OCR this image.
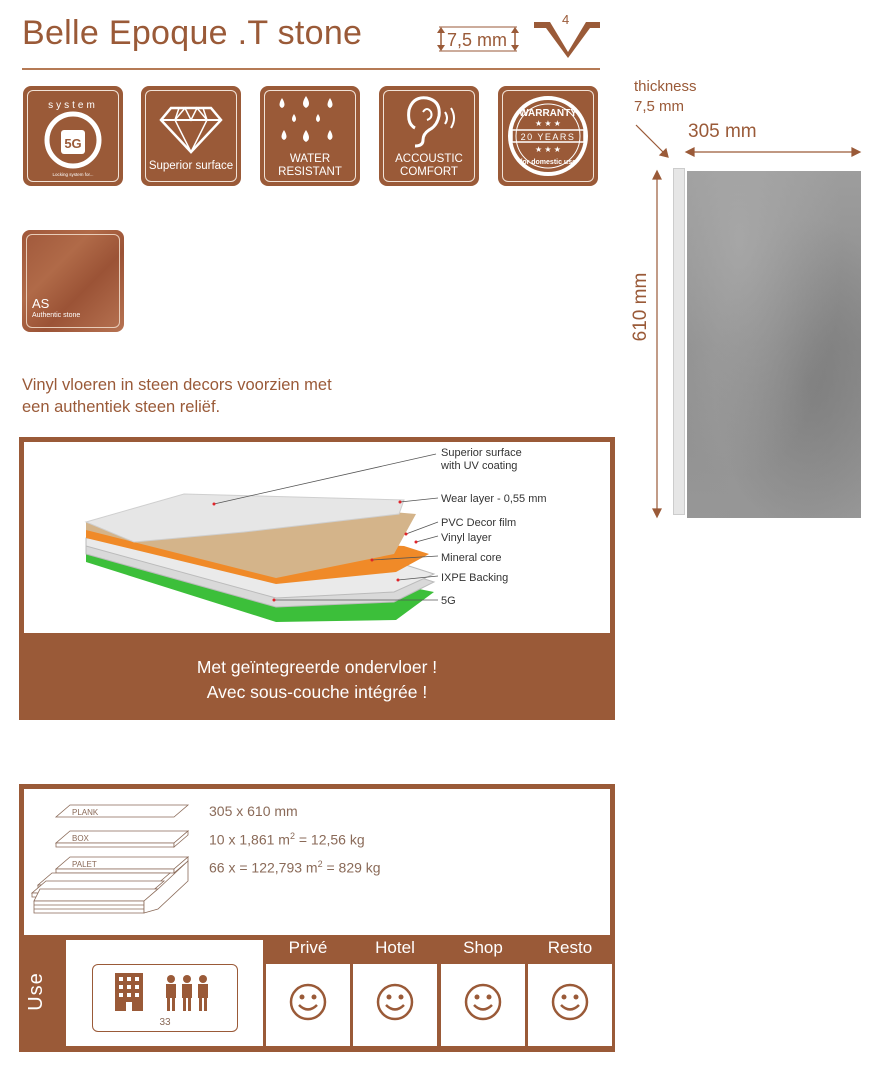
Belle Epoque .T stone	7,5 mm
4
system
5G
Locking system for...
Superior surface
WATER
RESISTANT
ACCOUSTIC
COMFORT
WARRANTY
★ ★ ★
20 YEARS
★ ★ ★
for domestic use
AS
Authentic stone
Vinyl vloeren in steen decors voorzien met
een authentiek steen reliëf.
Superior surface
with UV coating
Wear layer - 0,55 mm
PVC Decor film
Vinyl layer
Mineral core
IXPE Backing
5G
Met geïntegreerde ondervloer !
Avec sous-couche intégrée !
PLANK
BOX
PALET
305 x 610 mm
10 x 1,861 $m^2 = 12,56$ kg
66 x = 122,793 $m^2 = 829$ kg
Use
33
Privé	Hotel	Shop	Resto
thickness
7,5 mm
305 mm
610 mm
